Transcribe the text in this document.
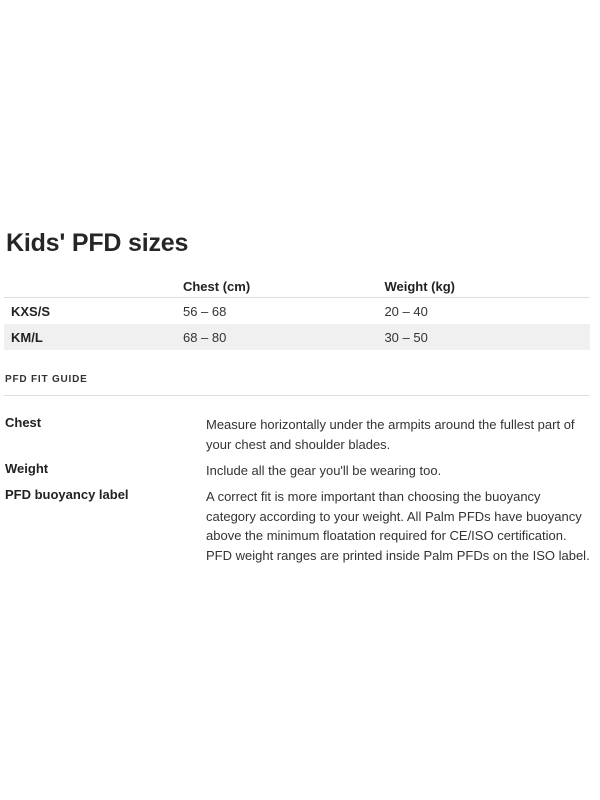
Kids' PFD sizes
	Chest (cm)	Weight (kg)
KXS/S	56 – 68	20 – 40
KM/L	68 – 80	30 – 50
PFD FIT GUIDE
Chest	Measure horizontally under the armpits around the fullest part of your chest and shoulder blades.
Weight	Include all the gear you'll be wearing too.
PFD buoyancy label	A correct fit is more important than choosing the buoyancy category according to your weight. All Palm PFDs have buoyancy above the minimum floatation required for CE/ISO certification. PFD weight ranges are printed inside Palm PFDs on the ISO label.
